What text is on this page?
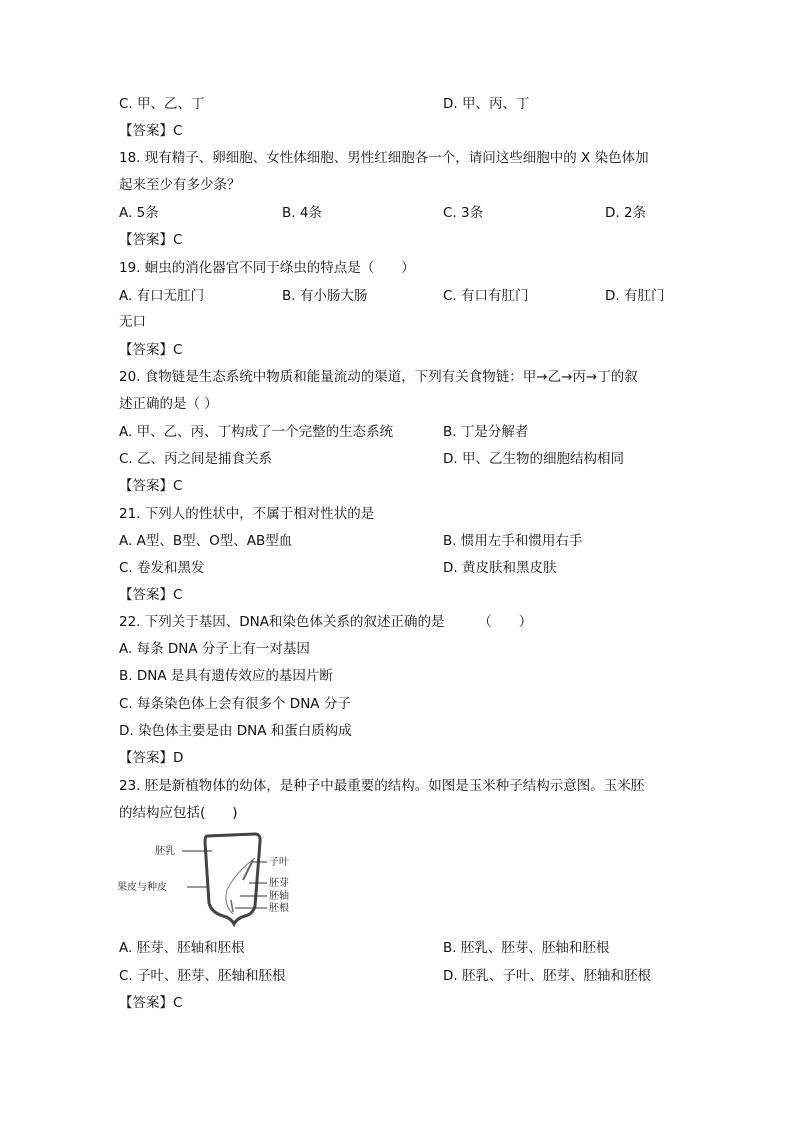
C. 甲、乙、丁	D. 甲、丙、丁
【答案】C
18. 现有精子、卵细胞、女性体细胞、男性红细胞各一个，请问这些细胞中的 X 染色体加
起来至少有多少条？
A. 5条	B. 4条	C. 3条	D. 2条
【答案】C
19. 蛔虫的消化器官不同于绦虫的特点是（　　）
A. 有口无肛门	B. 有小肠大肠	C. 有口有肛门	D. 有肛门
无口
【答案】C
20. 食物链是生态系统中物质和能量流动的渠道，下列有关食物链：甲→乙→丙→丁的叙
述正确的是（ ）
A. 甲、乙、丙、丁构成了一个完整的生态系统	B. 丁是分解者
C. 乙、丙之间是捕食关系	D. 甲、乙生物的细胞结构相同
【答案】C
21. 下列人的性状中，不属于相对性状的是
A. A型、B型、O型、AB型血	B. 惯用左手和惯用右手
C. 卷发和黑发	D. 黄皮肤和黑皮肤
【答案】C
22. 下列关于基因、DNA和染色体关系的叙述正确的是　　　（　　）
A. 每条 DNA 分子上有一对基因
B. DNA 是具有遗传效应的基因片断
C. 每条染色体上会有很多个 DNA 分子
D. 染色体主要是由 DNA 和蛋白质构成
【答案】D
23. 胚是新植物体的幼体，是种子中最重要的结构。如图是玉米种子结构示意图。玉米胚
的结构应包括(　　)
胚乳
果皮与种皮
子叶
胚芽
胚轴
胚根
A. 胚芽、胚轴和胚根	B. 胚乳、胚芽、胚轴和胚根
C. 子叶、胚芽、胚轴和胚根	D. 胚乳、子叶、胚芽、胚轴和胚根
【答案】C
